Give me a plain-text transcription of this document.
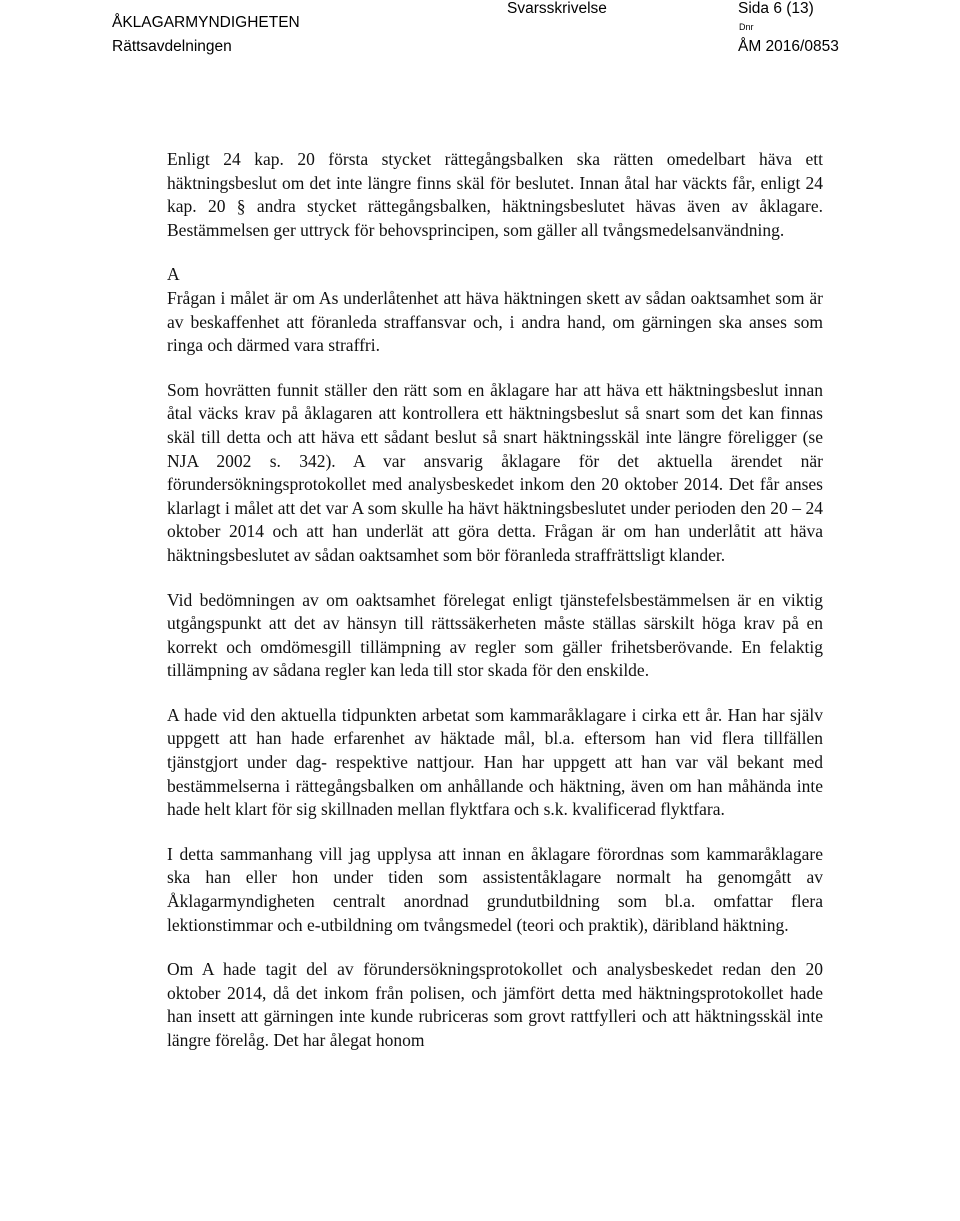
ÅKLAGARMYNDIGHETEN
Rättsavdelningen
Svarsskrivelse	Sida 6 (13)
Dnr
ÅM 2016/0853

Enligt 24 kap. 20 första stycket rättegångsbalken ska rätten omedelbart häva ett häktningsbeslut om det inte längre finns skäl för beslutet. Innan åtal har väckts får, enligt 24 kap. 20 § andra stycket rättegångsbalken, häktningsbeslutet hävas även av åklagare. Bestämmelsen ger uttryck för behovsprincipen, som gäller all tvångsmedelsanvändning.

A

Frågan i målet är om As underlåtenhet att häva häktningen skett av sådan oaktsamhet som är av beskaffenhet att föranleda straffansvar och, i andra hand, om gärningen ska anses som ringa och därmed vara straffri.

Som hovrätten funnit ställer den rätt som en åklagare har att häva ett häktningsbeslut innan åtal väcks krav på åklagaren att kontrollera ett häktningsbeslut så snart som det kan finnas skäl till detta och att häva ett sådant beslut så snart häktningsskäl inte längre föreligger (se NJA 2002 s. 342). A var ansvarig åklagare för det aktuella ärendet när förundersökningsprotokollet med analysbeskedet inkom den 20 oktober 2014. Det får anses klarlagt i målet att det var A som skulle ha hävt häktningsbeslutet under perioden den 20 – 24 oktober 2014 och att han underlät att göra detta. Frågan är om han underlåtit att häva häktningsbeslutet av sådan oaktsamhet som bör föranleda straffrättsligt klander.

Vid bedömningen av om oaktsamhet förelegat enligt tjänstefelsbestämmelsen är en viktig utgångspunkt att det av hänsyn till rättssäkerheten måste ställas särskilt höga krav på en korrekt och omdömesgill tillämpning av regler som gäller frihetsberövande. En felaktig tillämpning av sådana regler kan leda till stor skada för den enskilde.

A hade vid den aktuella tidpunkten arbetat som kammaråklagare i cirka ett år. Han har själv uppgett att han hade erfarenhet av häktade mål, bl.a. eftersom han vid flera tillfällen tjänstgjort under dag- respektive nattjour. Han har uppgett att han var väl bekant med bestämmelserna i rättegångsbalken om anhållande och häktning, även om han måhända inte hade helt klart för sig skillnaden mellan flyktfara och s.k. kvalificerad flyktfara.

I detta sammanhang vill jag upplysa att innan en åklagare förordnas som kammaråklagare ska han eller hon under tiden som assistentåklagare normalt ha genomgått av Åklagarmyndigheten centralt anordnad grundutbildning som bl.a. omfattar flera lektionstimmar och e-utbildning om tvångsmedel (teori och praktik), däribland häktning.

Om A hade tagit del av förundersökningsprotokollet och analysbeskedet redan den 20 oktober 2014, då det inkom från polisen, och jämfört detta med häktningsprotokollet hade han insett att gärningen inte kunde rubriceras som grovt rattfylleri och att häktningsskäl inte längre förelåg. Det har ålegat honom
